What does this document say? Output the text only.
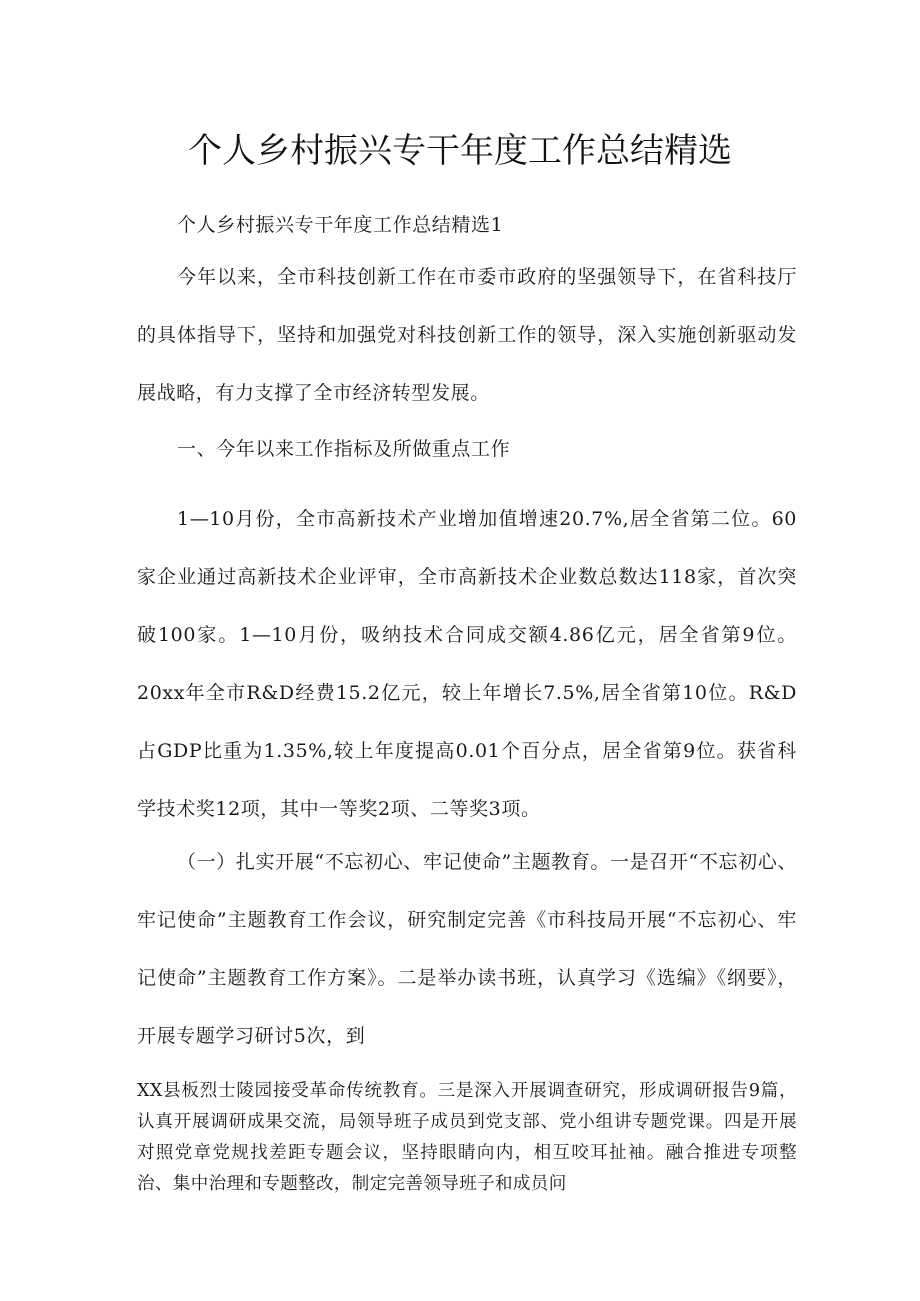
个人乡村振兴专干年度工作总结精选

个人乡村振兴专干年度工作总结精选1

今年以来，全市科技创新工作在市委市政府的坚强领导下，在省科技厅的具体指导下，坚持和加强党对科技创新工作的领导，深入实施创新驱动发展战略，有力支撑了全市经济转型发展。

一、今年以来工作指标及所做重点工作

1—10月份，全市高新技术产业增加值增速20.7%,居全省第二位。60家企业通过高新技术企业评审，全市高新技术企业数总数达118家，首次突破100家。1—10月份，吸纳技术合同成交额4.86亿元，居全省第9位。20xx年全市R&D经费15.2亿元，较上年增长7.5%,居全省第10位。R&D占GDP比重为1.35%,较上年度提高0.01个百分点，居全省第9位。获省科学技术奖12项，其中一等奖2项、二等奖3项。

（一）扎实开展“不忘初心、牢记使命”主题教育。一是召开“不忘初心、牢记使命”主题教育工作会议，研究制定完善《市科技局开展“不忘初心、牢记使命”主题教育工作方案》。二是举办读书班，认真学习《选编》《纲要》，开展专题学习研讨5次，到

XX县板烈士陵园接受革命传统教育。三是深入开展调查研究，形成调研报告9篇，认真开展调研成果交流，局领导班子成员到党支部、党小组讲专题党课。四是开展对照党章党规找差距专题会议，坚持眼睛向内，相互咬耳扯袖。融合推进专项整治、集中治理和专题整改，制定完善领导班子和成员问
